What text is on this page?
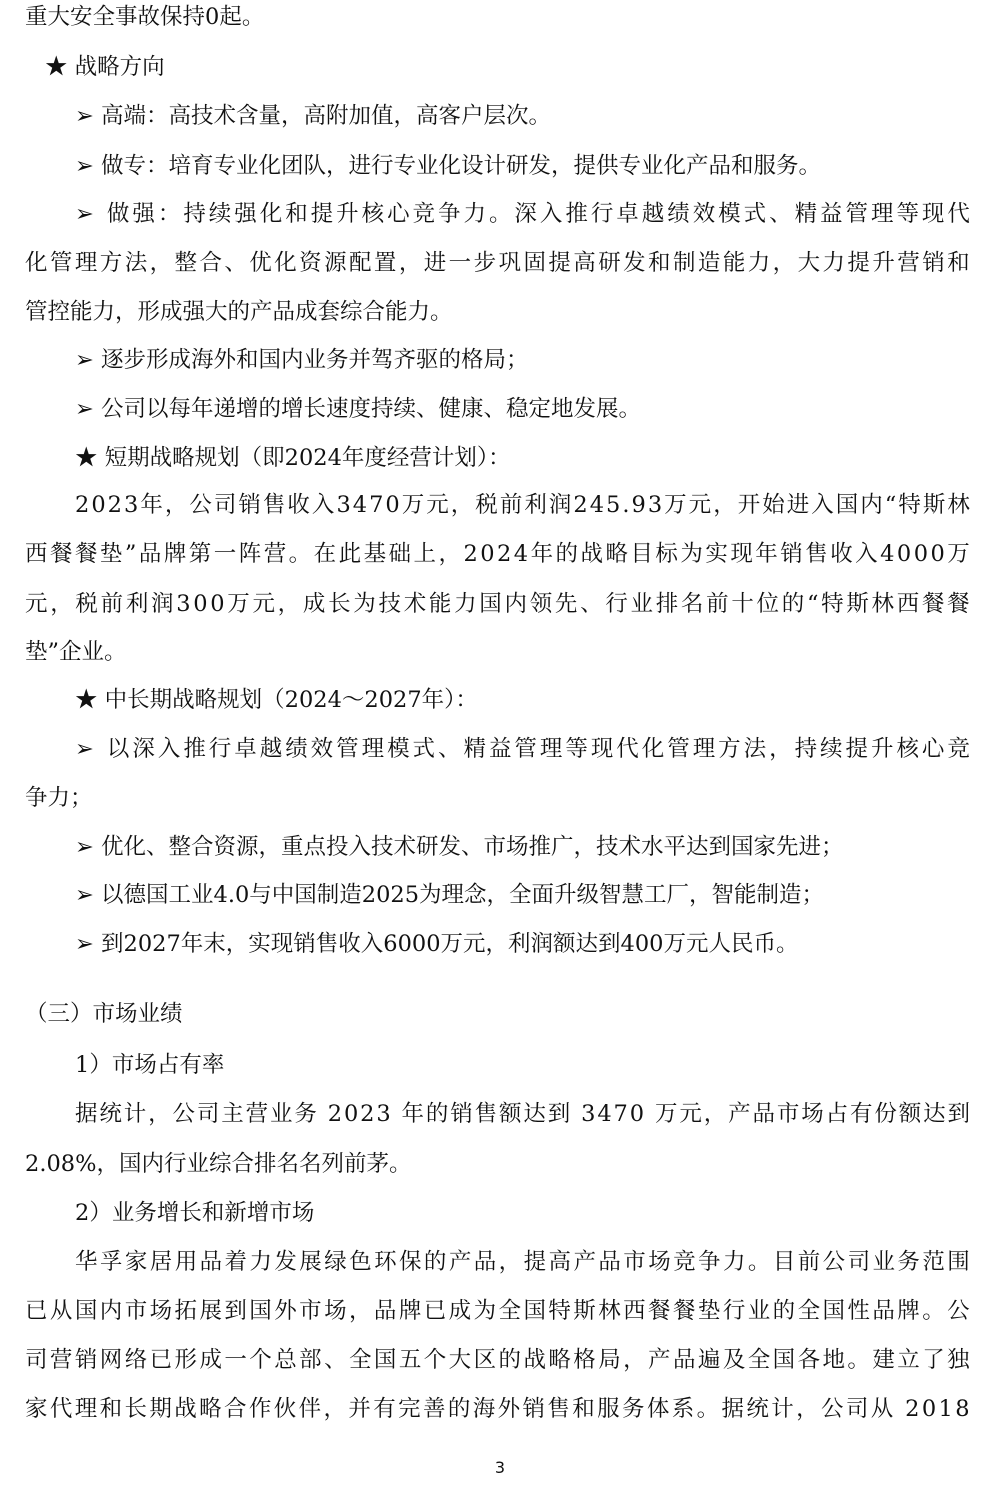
重大安全事故保持0起。
★ 战略方向
➢ 高端：高技术含量，高附加值，高客户层次。
➢ 做专：培育专业化团队，进行专业化设计研发，提供专业化产品和服务。
➢
做 强 ： 持 续 强 化 和 提 升 核 心 竞 争 力 。 深 入 推 行 卓 越 绩 效 模 式 、 精 益 管 理 等 现 代
化 管 理 方 法 ， 整 合 、 优 化 资 源 配 置 ， 进 一 步 巩 固 提 高 研 发 和 制 造 能 力 ， 大 力 提 升 营 销 和
管控能力，形成强大的产品成套综合能力。
➢ 逐步形成海外和国内业务并驾齐驱的格局；
➢ 公司以每年递增的增长速度持续、健康、稳定地发展。
★ 短期战略规划（即2024年度经营计划）：
2 0 2 3 年 ， 公 司 销 售 收 入 3 4 7 0 万 元 ， 税 前 利 润 2 4 5 . 9 3 万 元 ， 开 始 进 入 国 内 “ 特 斯 林
西 餐 餐 垫 ” 品 牌 第 一 阵 营 。 在 此 基 础 上 ， 2 0 2 4 年 的 战 略 目 标 为 实 现 年 销 售 收 入 4 0 0 0 万
元 ， 税 前 利 润 3 0 0 万 元 ， 成 长 为 技 术 能 力 国 内 领 先 、 行 业 排 名 前 十 位 的 “ 特 斯 林 西 餐 餐
垫”企业。
★ 中长期战略规划（2024～2027年）：
➢
以 深 入 推 行 卓 越 绩 效 管 理 模 式 、 精 益 管 理 等 现 代 化 管 理 方 法 ， 持 续 提 升 核 心 竞
争力；
➢ 优化、整合资源，重点投入技术研发、市场推广，技术水平达到国家先进；
➢ 以德国工业4.0与中国制造2025为理念，全面升级智慧工厂，智能制造；
➢ 到2027年末，实现销售收入6000万元，利润额达到400万元人民币。
（三）市场业绩
1）市场占有率
据 统 计 ， 公 司 主 营 业 务
2 0 2 3
年 的 销 售 额 达 到
3 4 7 0
万 元 ， 产 品 市 场 占 有 份 额 达 到
2.08%，国内行业综合排名名列前茅。
2）业务增长和新增市场
华 孚 家 居 用 品 着 力 发 展 绿 色 环 保 的 产 品 ， 提 高 产 品 市 场 竞 争 力 。 目 前 公 司 业 务 范 围
已 从 国 内 市 场 拓 展 到 国 外 市 场 ， 品 牌 已 成 为 全 国 特 斯 林 西 餐 餐 垫 行 业 的 全 国 性 品 牌 。 公
司 营 销 网 络 已 形 成 一 个 总 部 、 全 国 五 个 大 区 的 战 略 格 局 ， 产 品 遍 及 全 国 各 地 。 建 立 了 独
家 代 理 和 长 期 战 略 合 作 伙 伴 ， 并 有 完 善 的 海 外 销 售 和 服 务 体 系 。 据 统 计 ， 公 司 从
2 0 1 8
3
